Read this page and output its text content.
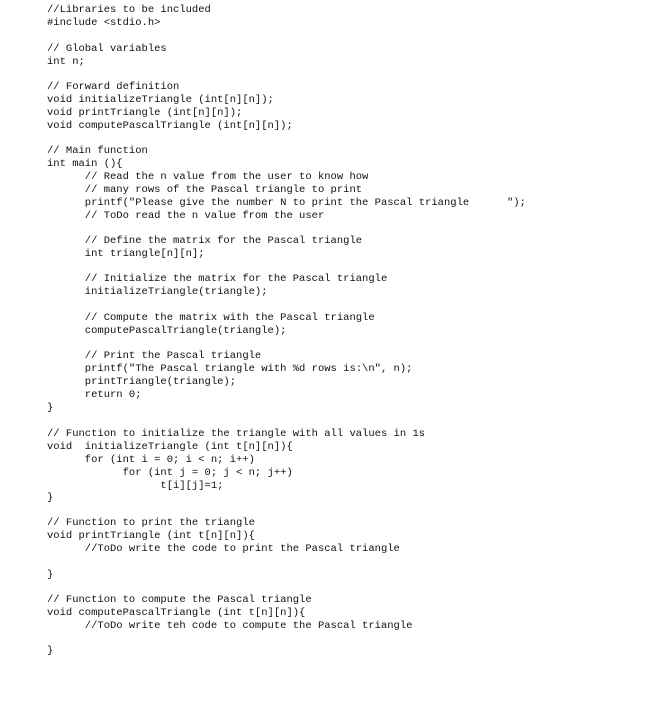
//Libraries to be included
#include <stdio.h>
// Global variables
int n;
// Forward definition
void initializeTriangle (int[n][n]);
void printTriangle (int[n][n]);
void computePascalTriangle (int[n][n]);
// Main function
int main (){
// Read the n value from the user to know how
// many rows of the Pascal triangle to print
printf("Please give the number N to print the Pascal triangle      ");
// ToDo read the n value from the user
// Define the matrix for the Pascal triangle
int triangle[n][n];
// Initialize the matrix for the Pascal triangle
initializeTriangle(triangle);
// Compute the matrix with the Pascal triangle
computePascalTriangle(triangle);
// Print the Pascal triangle
printf("The Pascal triangle with %d rows is:\n", n);
printTriangle(triangle);
return 0;
}
// Function to initialize the triangle with all values in 1s
void  initializeTriangle (int t[n][n]){
for (int i = 0; i < n; i++)
for (int j = 0; j < n; j++)
t[i][j]=1;
}
// Function to print the triangle
void printTriangle (int t[n][n]){
//ToDo write the code to print the Pascal triangle
}
// Function to compute the Pascal triangle
void computePascalTriangle (int t[n][n]){
//ToDo write teh code to compute the Pascal triangle
}
